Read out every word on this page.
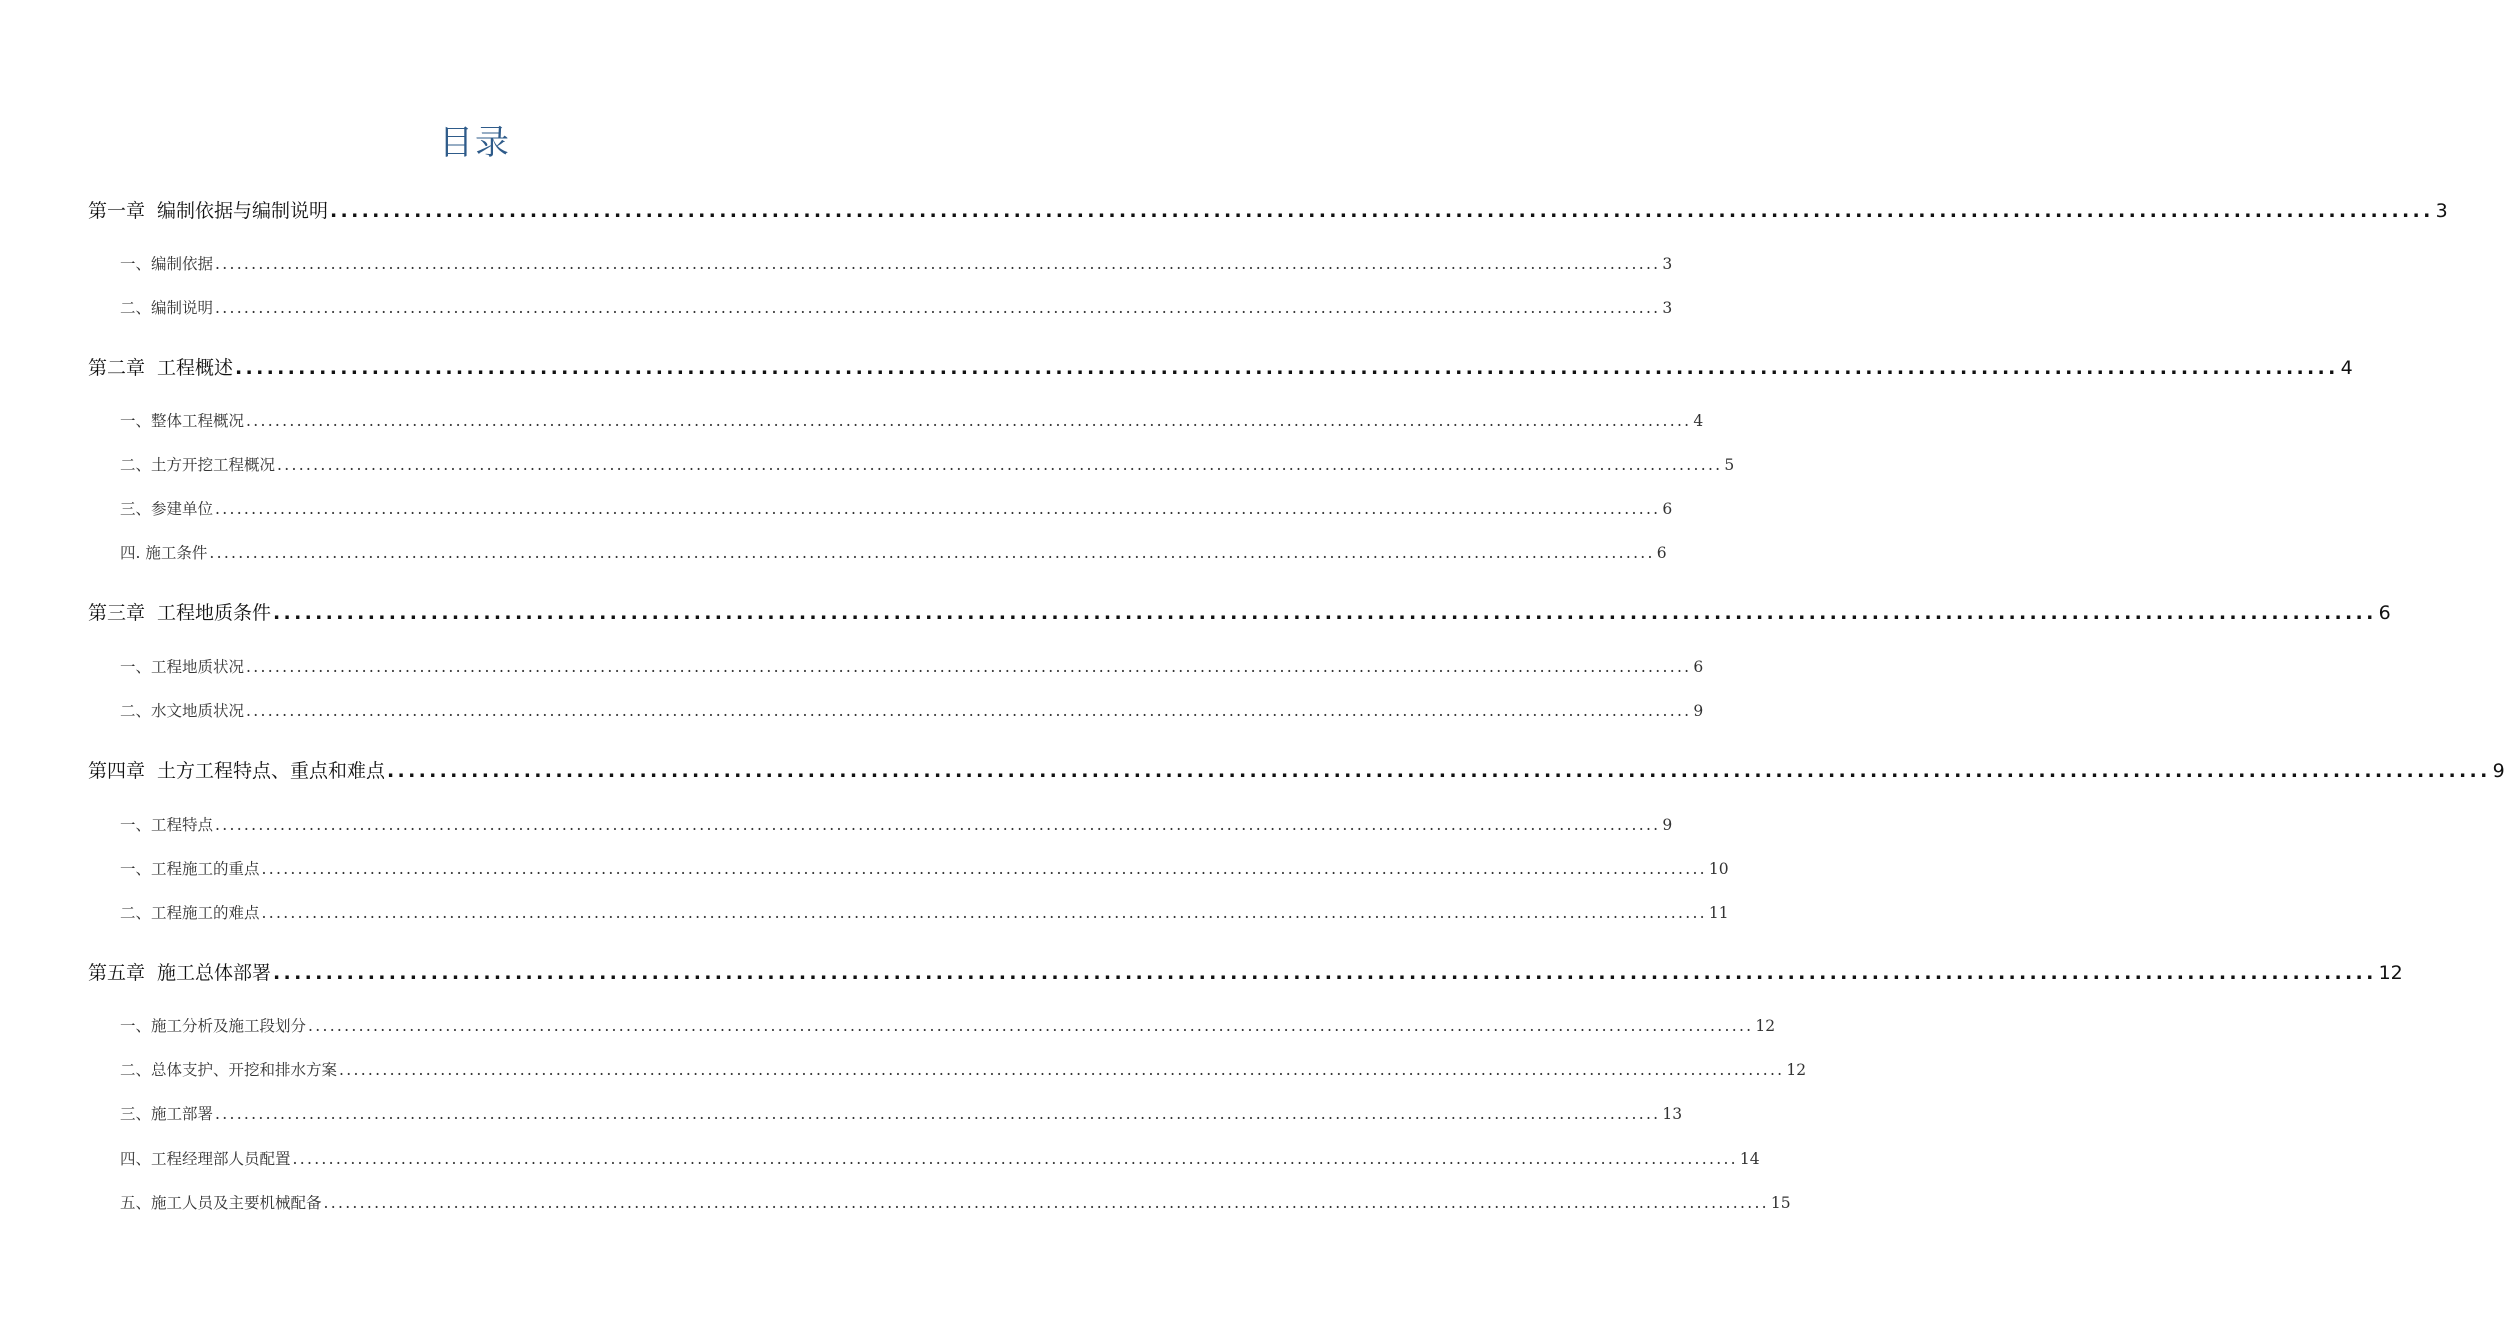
目录
第一章 编制依据与编制说明 ........................................................................................................................................................................................................ 3
一、编制依据 ........................................................................................................................................................................................................ 3
二、编制说明 ........................................................................................................................................................................................................ 3
第二章 工程概述 ........................................................................................................................................................................................................ 4
一、整体工程概况 ........................................................................................................................................................................................................ 4
二、土方开挖工程概况 ........................................................................................................................................................................................................ 5
三、参建单位 ........................................................................................................................................................................................................ 6
四. 施工条件 ........................................................................................................................................................................................................ 6
第三章 工程地质条件 ........................................................................................................................................................................................................ 6
一、工程地质状况 ........................................................................................................................................................................................................ 6
二、水文地质状况 ........................................................................................................................................................................................................ 9
第四章 土方工程特点、重点和难点 ........................................................................................................................................................................................................ 9
一、工程特点 ........................................................................................................................................................................................................ 9
一、工程施工的重点 ........................................................................................................................................................................................................ 10
二、工程施工的难点 ........................................................................................................................................................................................................ 11
第五章 施工总体部署 ........................................................................................................................................................................................................ 12
一、施工分析及施工段划分 ........................................................................................................................................................................................................ 12
二、总体支护、开挖和排水方案 ........................................................................................................................................................................................................ 12
三、施工部署 ........................................................................................................................................................................................................ 13
四、工程经理部人员配置 ........................................................................................................................................................................................................ 14
五、施工人员及主要机械配备 ........................................................................................................................................................................................................ 15
